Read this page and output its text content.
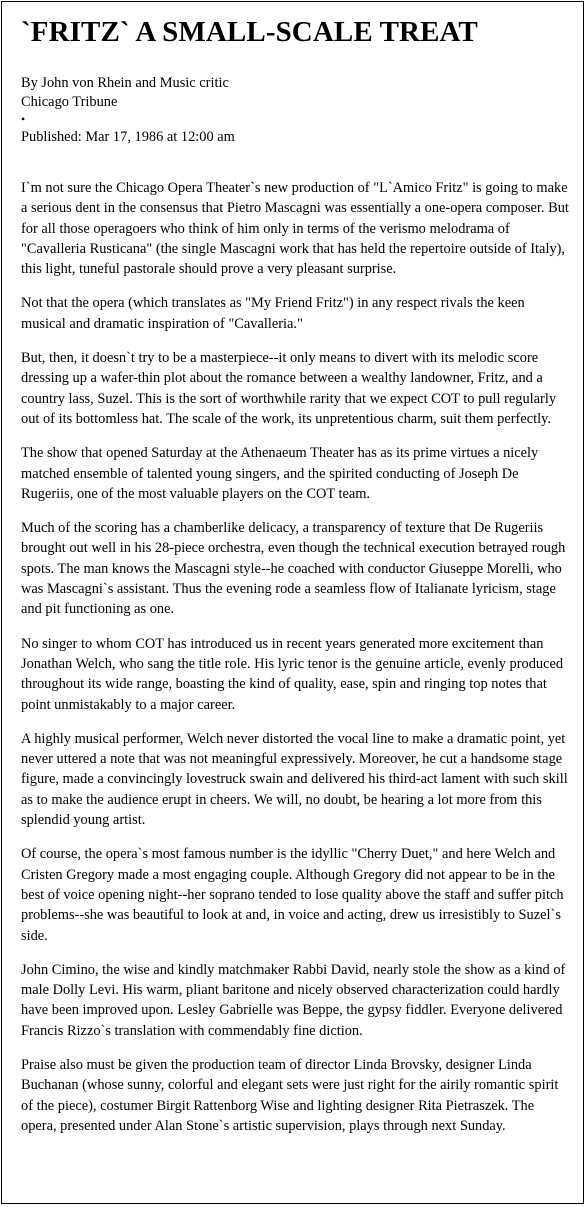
`FRITZ` A SMALL-SCALE TREAT
By John von Rhein and Music critic
Chicago Tribune
•
Published: Mar 17, 1986 at 12:00 am

I`m not sure the Chicago Opera Theater`s new production of "L`Amico Fritz" is going to make a serious dent in the consensus that Pietro Mascagni was essentially a one-opera composer. But for all those operagoers who think of him only in terms of the verismo melodrama of "Cavalleria Rusticana" (the single Mascagni work that has held the repertoire outside of Italy), this light, tuneful pastorale should prove a very pleasant surprise.

Not that the opera (which translates as "My Friend Fritz") in any respect rivals the keen musical and dramatic inspiration of "Cavalleria."

But, then, it doesn`t try to be a masterpiece--it only means to divert with its melodic score dressing up a wafer-thin plot about the romance between a wealthy landowner, Fritz, and a country lass, Suzel. This is the sort of worthwhile rarity that we expect COT to pull regularly out of its bottomless hat. The scale of the work, its unpretentious charm, suit them perfectly.

The show that opened Saturday at the Athenaeum Theater has as its prime virtues a nicely matched ensemble of talented young singers, and the spirited conducting of Joseph De Rugeriis, one of the most valuable players on the COT team.

Much of the scoring has a chamberlike delicacy, a transparency of texture that De Rugeriis brought out well in his 28-piece orchestra, even though the technical execution betrayed rough spots. The man knows the Mascagni style--he coached with conductor Giuseppe Morelli, who was Mascagni`s assistant. Thus the evening rode a seamless flow of Italianate lyricism, stage and pit functioning as one.

No singer to whom COT has introduced us in recent years generated more excitement than Jonathan Welch, who sang the title role. His lyric tenor is the genuine article, evenly produced throughout its wide range, boasting the kind of quality, ease, spin and ringing top notes that point unmistakably to a major career.

A highly musical performer, Welch never distorted the vocal line to make a dramatic point, yet never uttered a note that was not meaningful expressively. Moreover, he cut a handsome stage figure, made a convincingly lovestruck swain and delivered his third-act lament with such skill as to make the audience erupt in cheers. We will, no doubt, be hearing a lot more from this splendid young artist.

Of course, the opera`s most famous number is the idyllic "Cherry Duet," and here Welch and Cristen Gregory made a most engaging couple. Although Gregory did not appear to be in the best of voice opening night--her soprano tended to lose quality above the staff and suffer pitch problems--she was beautiful to look at and, in voice and acting, drew us irresistibly to Suzel`s side.

John Cimino, the wise and kindly matchmaker Rabbi David, nearly stole the show as a kind of male Dolly Levi. His warm, pliant baritone and nicely observed characterization could hardly have been improved upon. Lesley Gabrielle was Beppe, the gypsy fiddler. Everyone delivered Francis Rizzo`s translation with commendably fine diction.

Praise also must be given the production team of director Linda Brovsky, designer Linda Buchanan (whose sunny, colorful and elegant sets were just right for the airily romantic spirit of the piece), costumer Birgit Rattenborg Wise and lighting designer Rita Pietraszek. The opera, presented under Alan Stone`s artistic supervision, plays through next Sunday.
